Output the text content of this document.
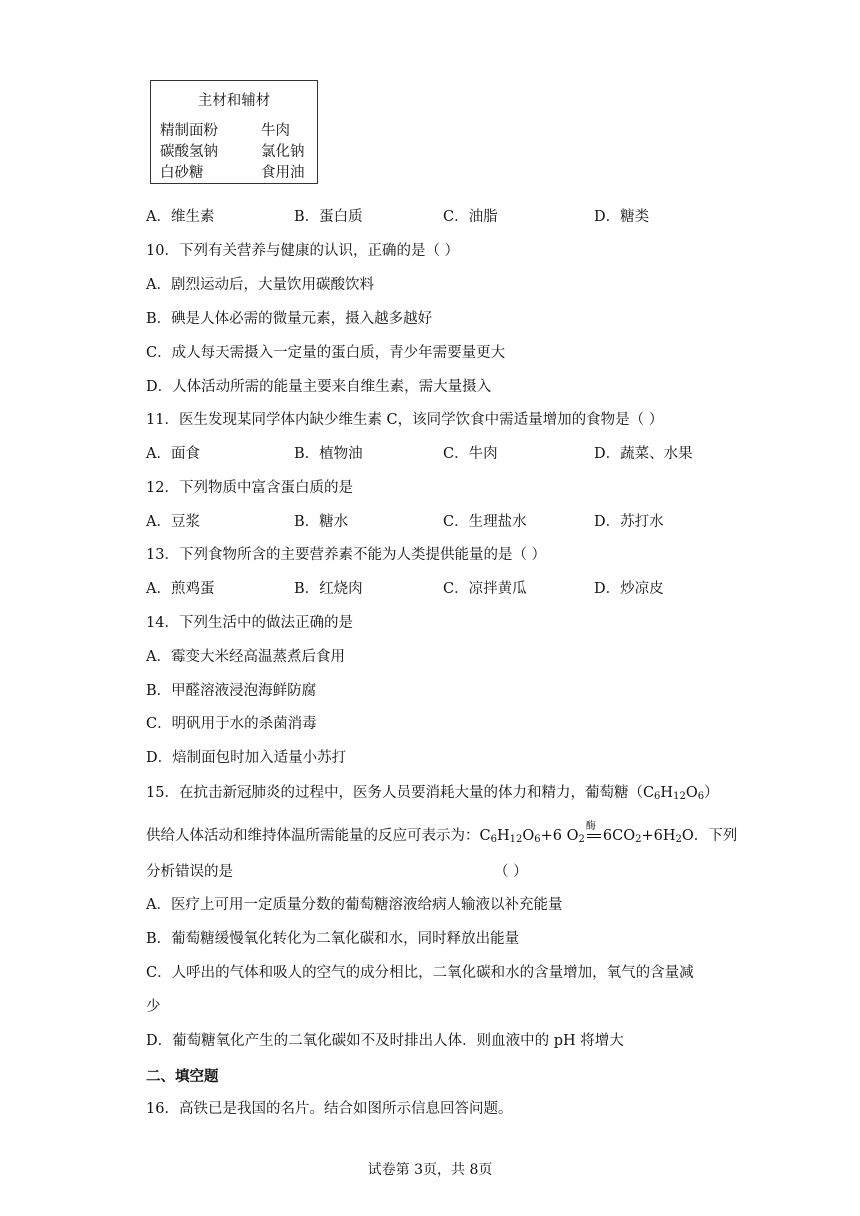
主材和辅材
精制面粉	牛肉
碳酸氢钠	氯化钠
白砂糖	食用油
A．维生素	B．蛋白质	C．油脂	D．糖类
10．下列有关营养与健康的认识，正确的是（ ）
A．剧烈运动后，大量饮用碳酸饮料
B．碘是人体必需的微量元素，摄入越多越好
C．成人每天需摄入一定量的蛋白质，青少年需要量更大
D．人体活动所需的能量主要来自维生素，需大量摄入
11．医生发现某同学体内缺少维生素 C，该同学饮食中需适量增加的食物是（ ）
A．面食	B．植物油	C．牛肉	D．蔬菜、水果
12．下列物质中富含蛋白质的是
A．豆浆	B．糖水	C．生理盐水	D．苏打水
13．下列食物所含的主要营养素不能为人类提供能量的是（ ）
A．煎鸡蛋	B．红烧肉	C．凉拌黄瓜	D．炒凉皮
14．下列生活中的做法正确的是
A．霉变大米经高温蒸煮后食用
B．甲醛溶液浸泡海鲜防腐
C．明矾用于水的杀菌消毒
D．焙制面包时加入适量小苏打
15．在抗击新冠肺炎的过程中，医务人员要消耗大量的体力和精力，葡萄糖$(C_6H_{12}O_6)$
供给人体活动和维持体温所需能量的反应可表示为：$C_6H_{12}O_6+6$ $O_2$
酶
$6CO_2+6H_2O$．下列
分析错误的是	（ ）
A．医疗上可用一定质量分数的葡萄糖溶液给病人输液以补充能量
B．葡萄糖缓慢氧化转化为二氧化碳和水，同时释放出能量
C．人呼出的气体和吸人的空气的成分相比，二氧化碳和水的含量增加，氧气的含量减
少
D．葡萄糖氧化产生的二氧化碳如不及时排出人体．则血液中的 pH 将增大
二、填空题
16．高铁已是我国的名片。结合如图所示信息回答问题。
试卷第 3页，共 8页
